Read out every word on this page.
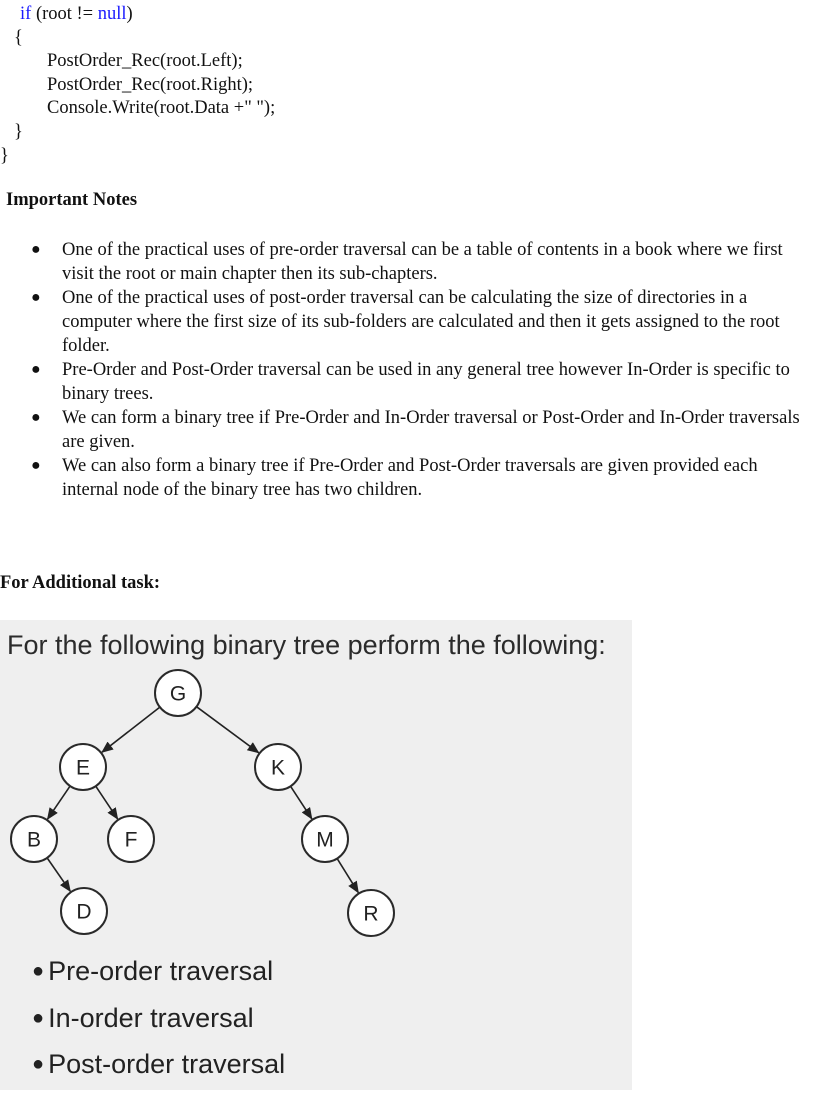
if (root != null)
{
PostOrder_Rec(root.Left);
PostOrder_Rec(root.Right);
Console.Write(root.Data +" ");
}
}
Important Notes
● One of the practical uses of pre-order traversal can be a table of contents in a book where we first visit the root or main chapter then its sub-chapters.
● One of the practical uses of post-order traversal can be calculating the size of directories in a computer where the first size of its sub-folders are calculated and then it gets assigned to the root folder.
● Pre-Order and Post-Order traversal can be used in any general tree however In-Order is specific to binary trees.
● We can form a binary tree if Pre-Order and In-Order traversal or Post-Order and In-Order traversals are given.
● We can also form a binary tree if Pre-Order and Post-Order traversals are given provided each internal node of the binary tree has two children.
For Additional task:
For the following binary tree perform the following:
G
E	K
B	F	M
D	R
● Pre-order traversal
● In-order traversal
● Post-order traversal
